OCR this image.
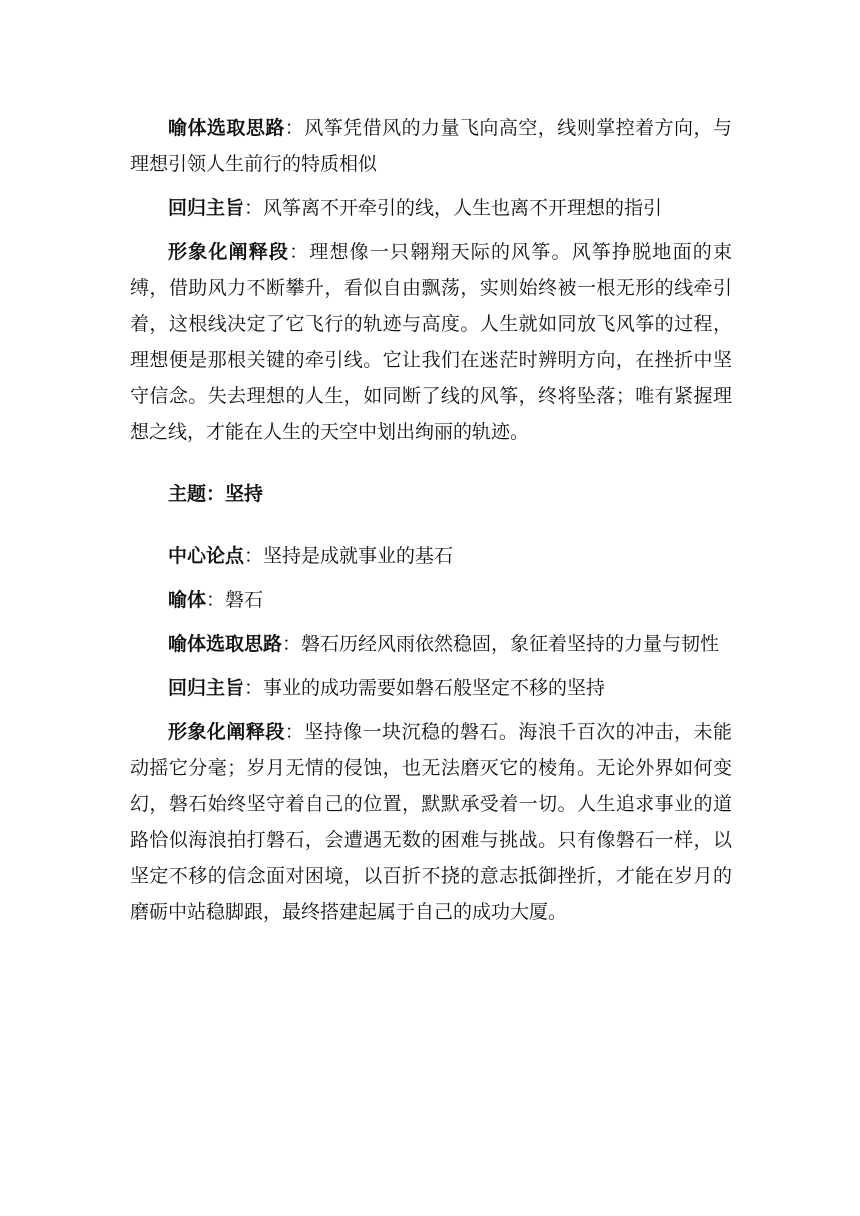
喻体选取思路：风筝凭借风的力量飞向高空，线则掌控着方向，与理想引领人生前行的特质相似

回归主旨：风筝离不开牵引的线，人生也离不开理想的指引

形象化阐释段：理想像一只翱翔天际的风筝。风筝挣脱地面的束缚，借助风力不断攀升，看似自由飘荡，实则始终被一根无形的线牵引着，这根线决定了它飞行的轨迹与高度。人生就如同放飞风筝的过程，理想便是那根关键的牵引线。它让我们在迷茫时辨明方向，在挫折中坚守信念。失去理想的人生，如同断了线的风筝，终将坠落；唯有紧握理想之线，才能在人生的天空中划出绚丽的轨迹。

主题：坚持

中心论点：坚持是成就事业的基石

喻体：磐石

喻体选取思路：磐石历经风雨依然稳固，象征着坚持的力量与韧性

回归主旨：事业的成功需要如磐石般坚定不移的坚持

形象化阐释段：坚持像一块沉稳的磐石。海浪千百次的冲击，未能动摇它分毫；岁月无情的侵蚀，也无法磨灭它的棱角。无论外界如何变幻，磐石始终坚守着自己的位置，默默承受着一切。人生追求事业的道路恰似海浪拍打磐石，会遭遇无数的困难与挑战。只有像磐石一样，以坚定不移的信念面对困境，以百折不挠的意志抵御挫折，才能在岁月的磨砺中站稳脚跟，最终搭建起属于自己的成功大厦。
